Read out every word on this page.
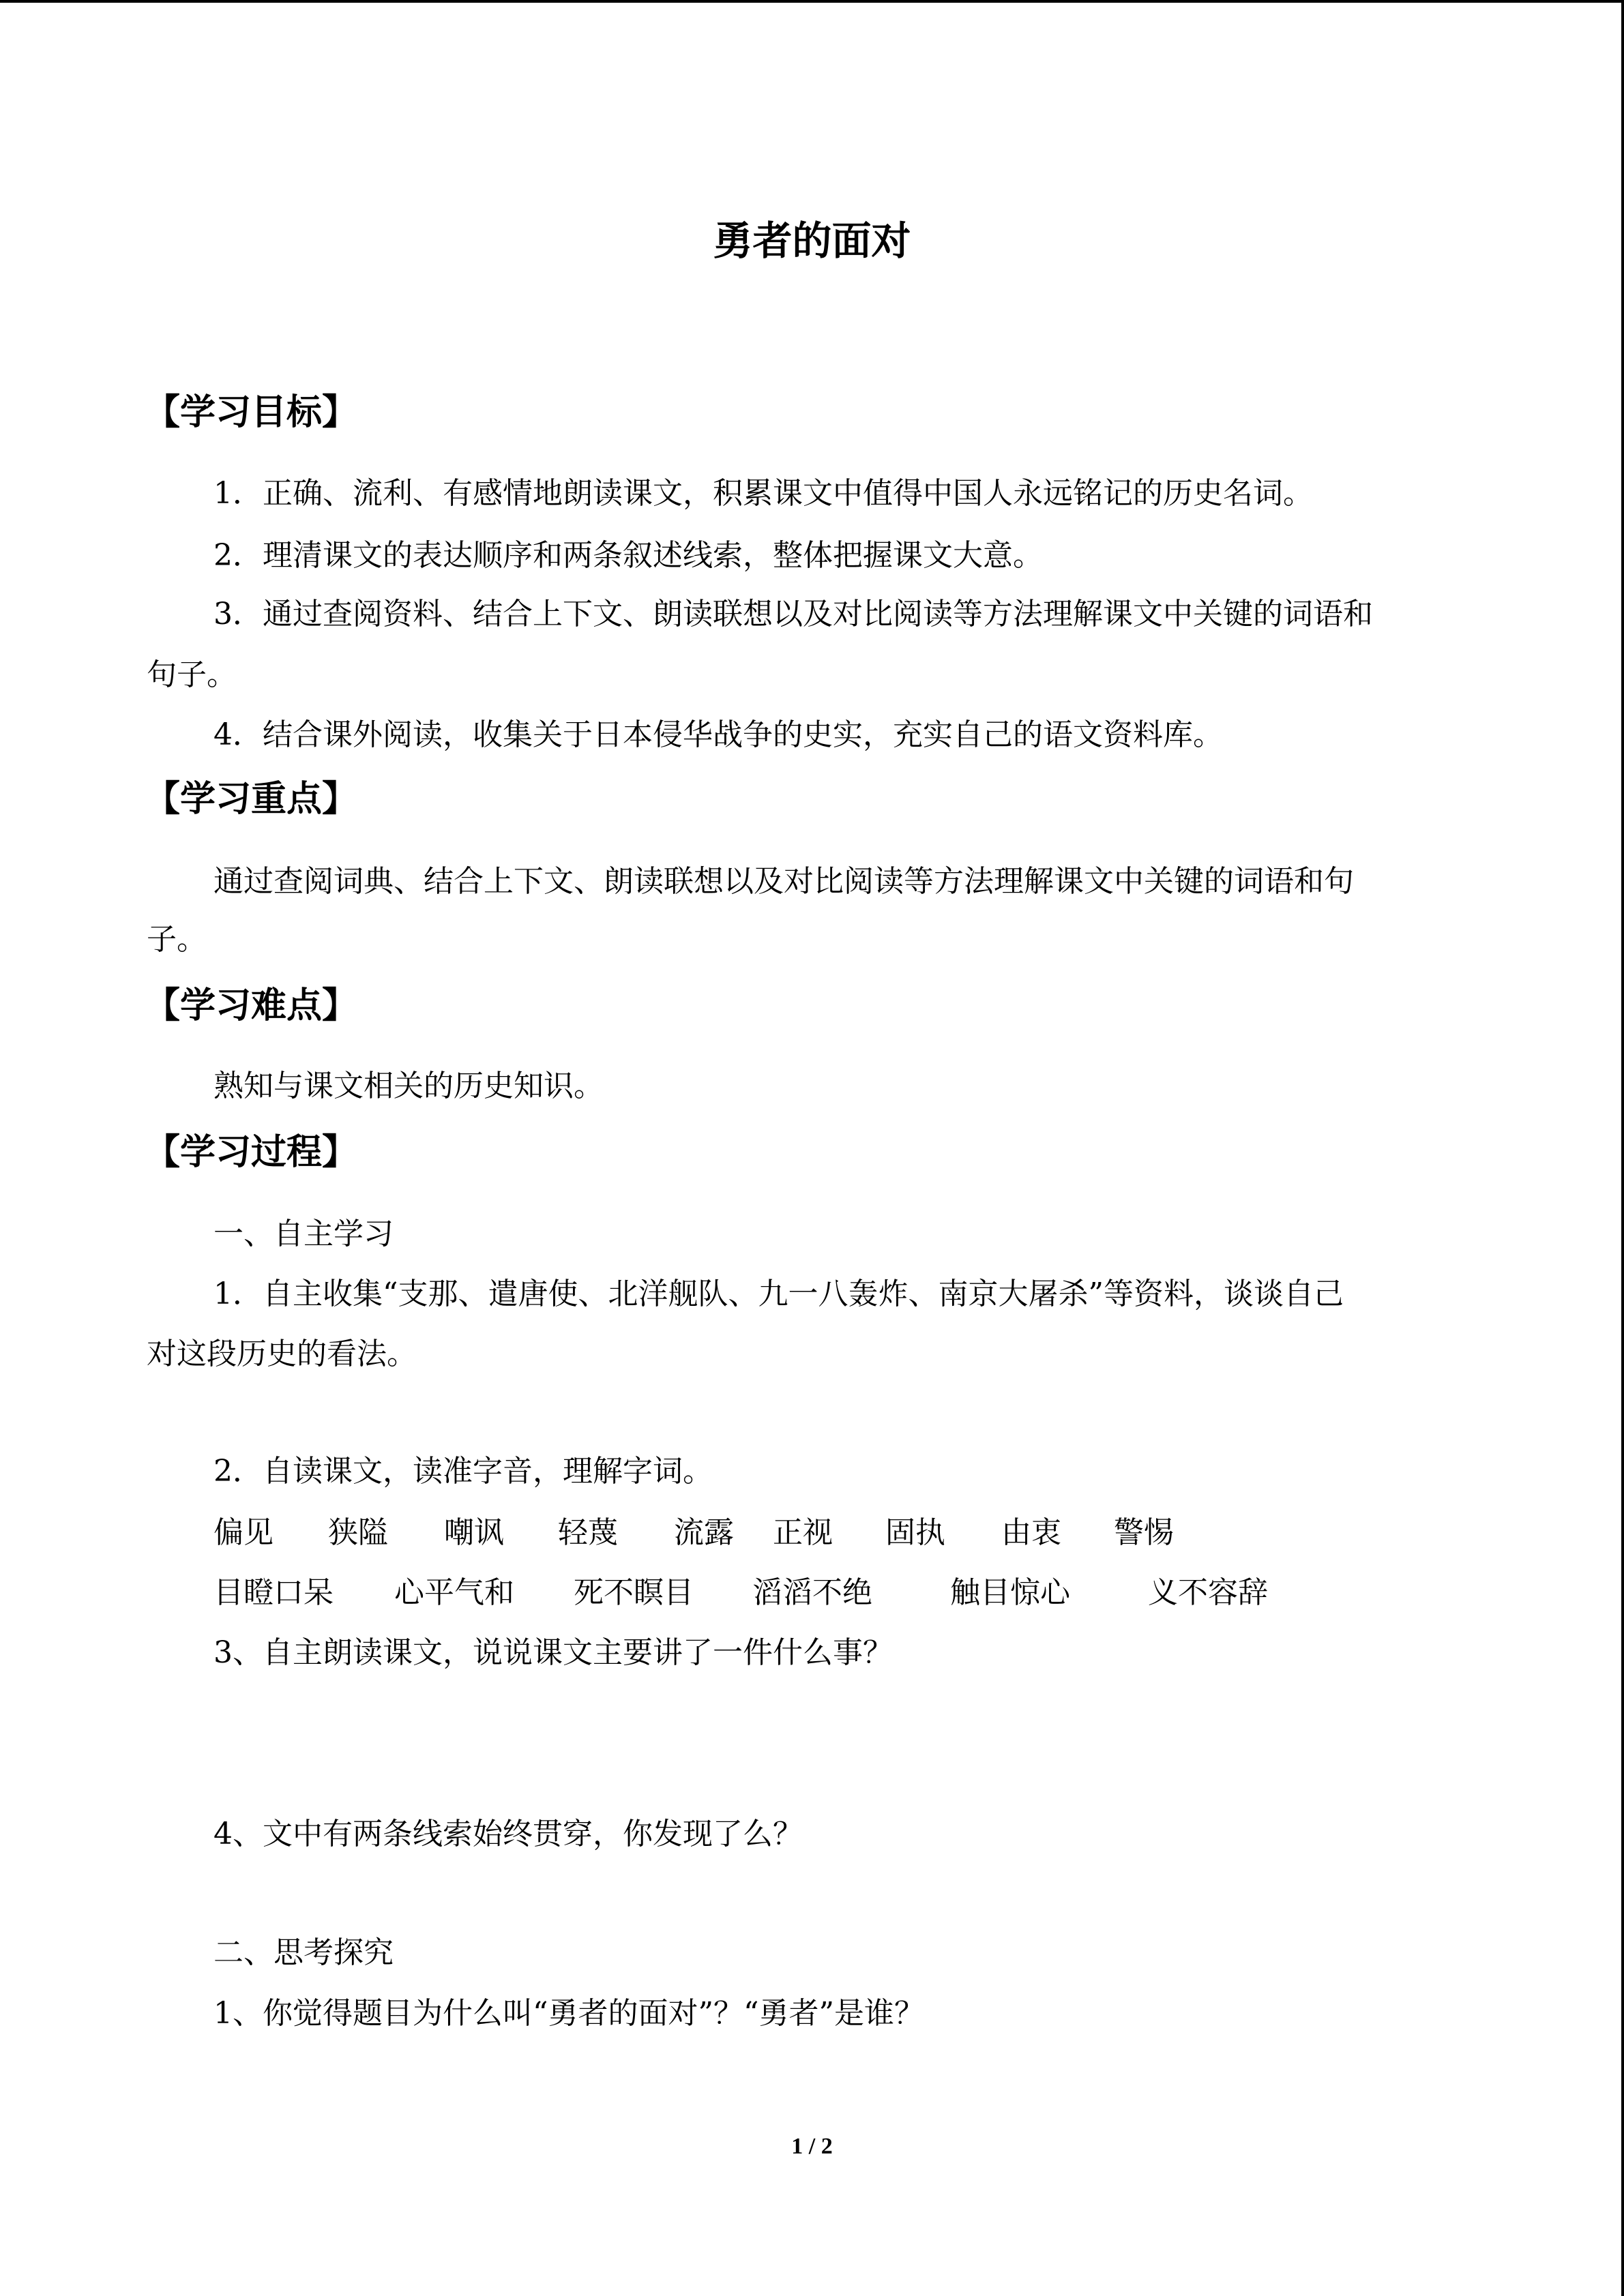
勇者的面对
【学习目标】
1．正确、流利、有感情地朗读课文，积累课文中值得中国人永远铭记的历史名词。
2．理清课文的表达顺序和两条叙述线索，整体把握课文大意。
3．通过查阅资料、结合上下文、朗读联想以及对比阅读等方法理解课文中关键的词语和
句子。
4．结合课外阅读，收集关于日本侵华战争的史实，充实自己的语文资料库。
【学习重点】
通过查阅词典、结合上下文、朗读联想以及对比阅读等方法理解课文中关键的词语和句
子。
【学习难点】
熟知与课文相关的历史知识。
【学习过程】
一、自主学习
1．自主收集“支那、遣唐使、北洋舰队、九一八轰炸、南京大屠杀”等资料，谈谈自己
对这段历史的看法。
2．自读课文，读准字音，理解字词。
偏见 狭隘 嘲讽 轻蔑 流露 正视 固执 由衷 警惕
目瞪口呆 心平气和 死不瞑目 滔滔不绝	触目惊心	义不容辞
3、自主朗读课文，说说课文主要讲了一件什么事？
4、文中有两条线索始终贯穿，你发现了么？
二、思考探究
1、你觉得题目为什么叫“勇者的面对”？“勇者”是谁？
1 / 2
